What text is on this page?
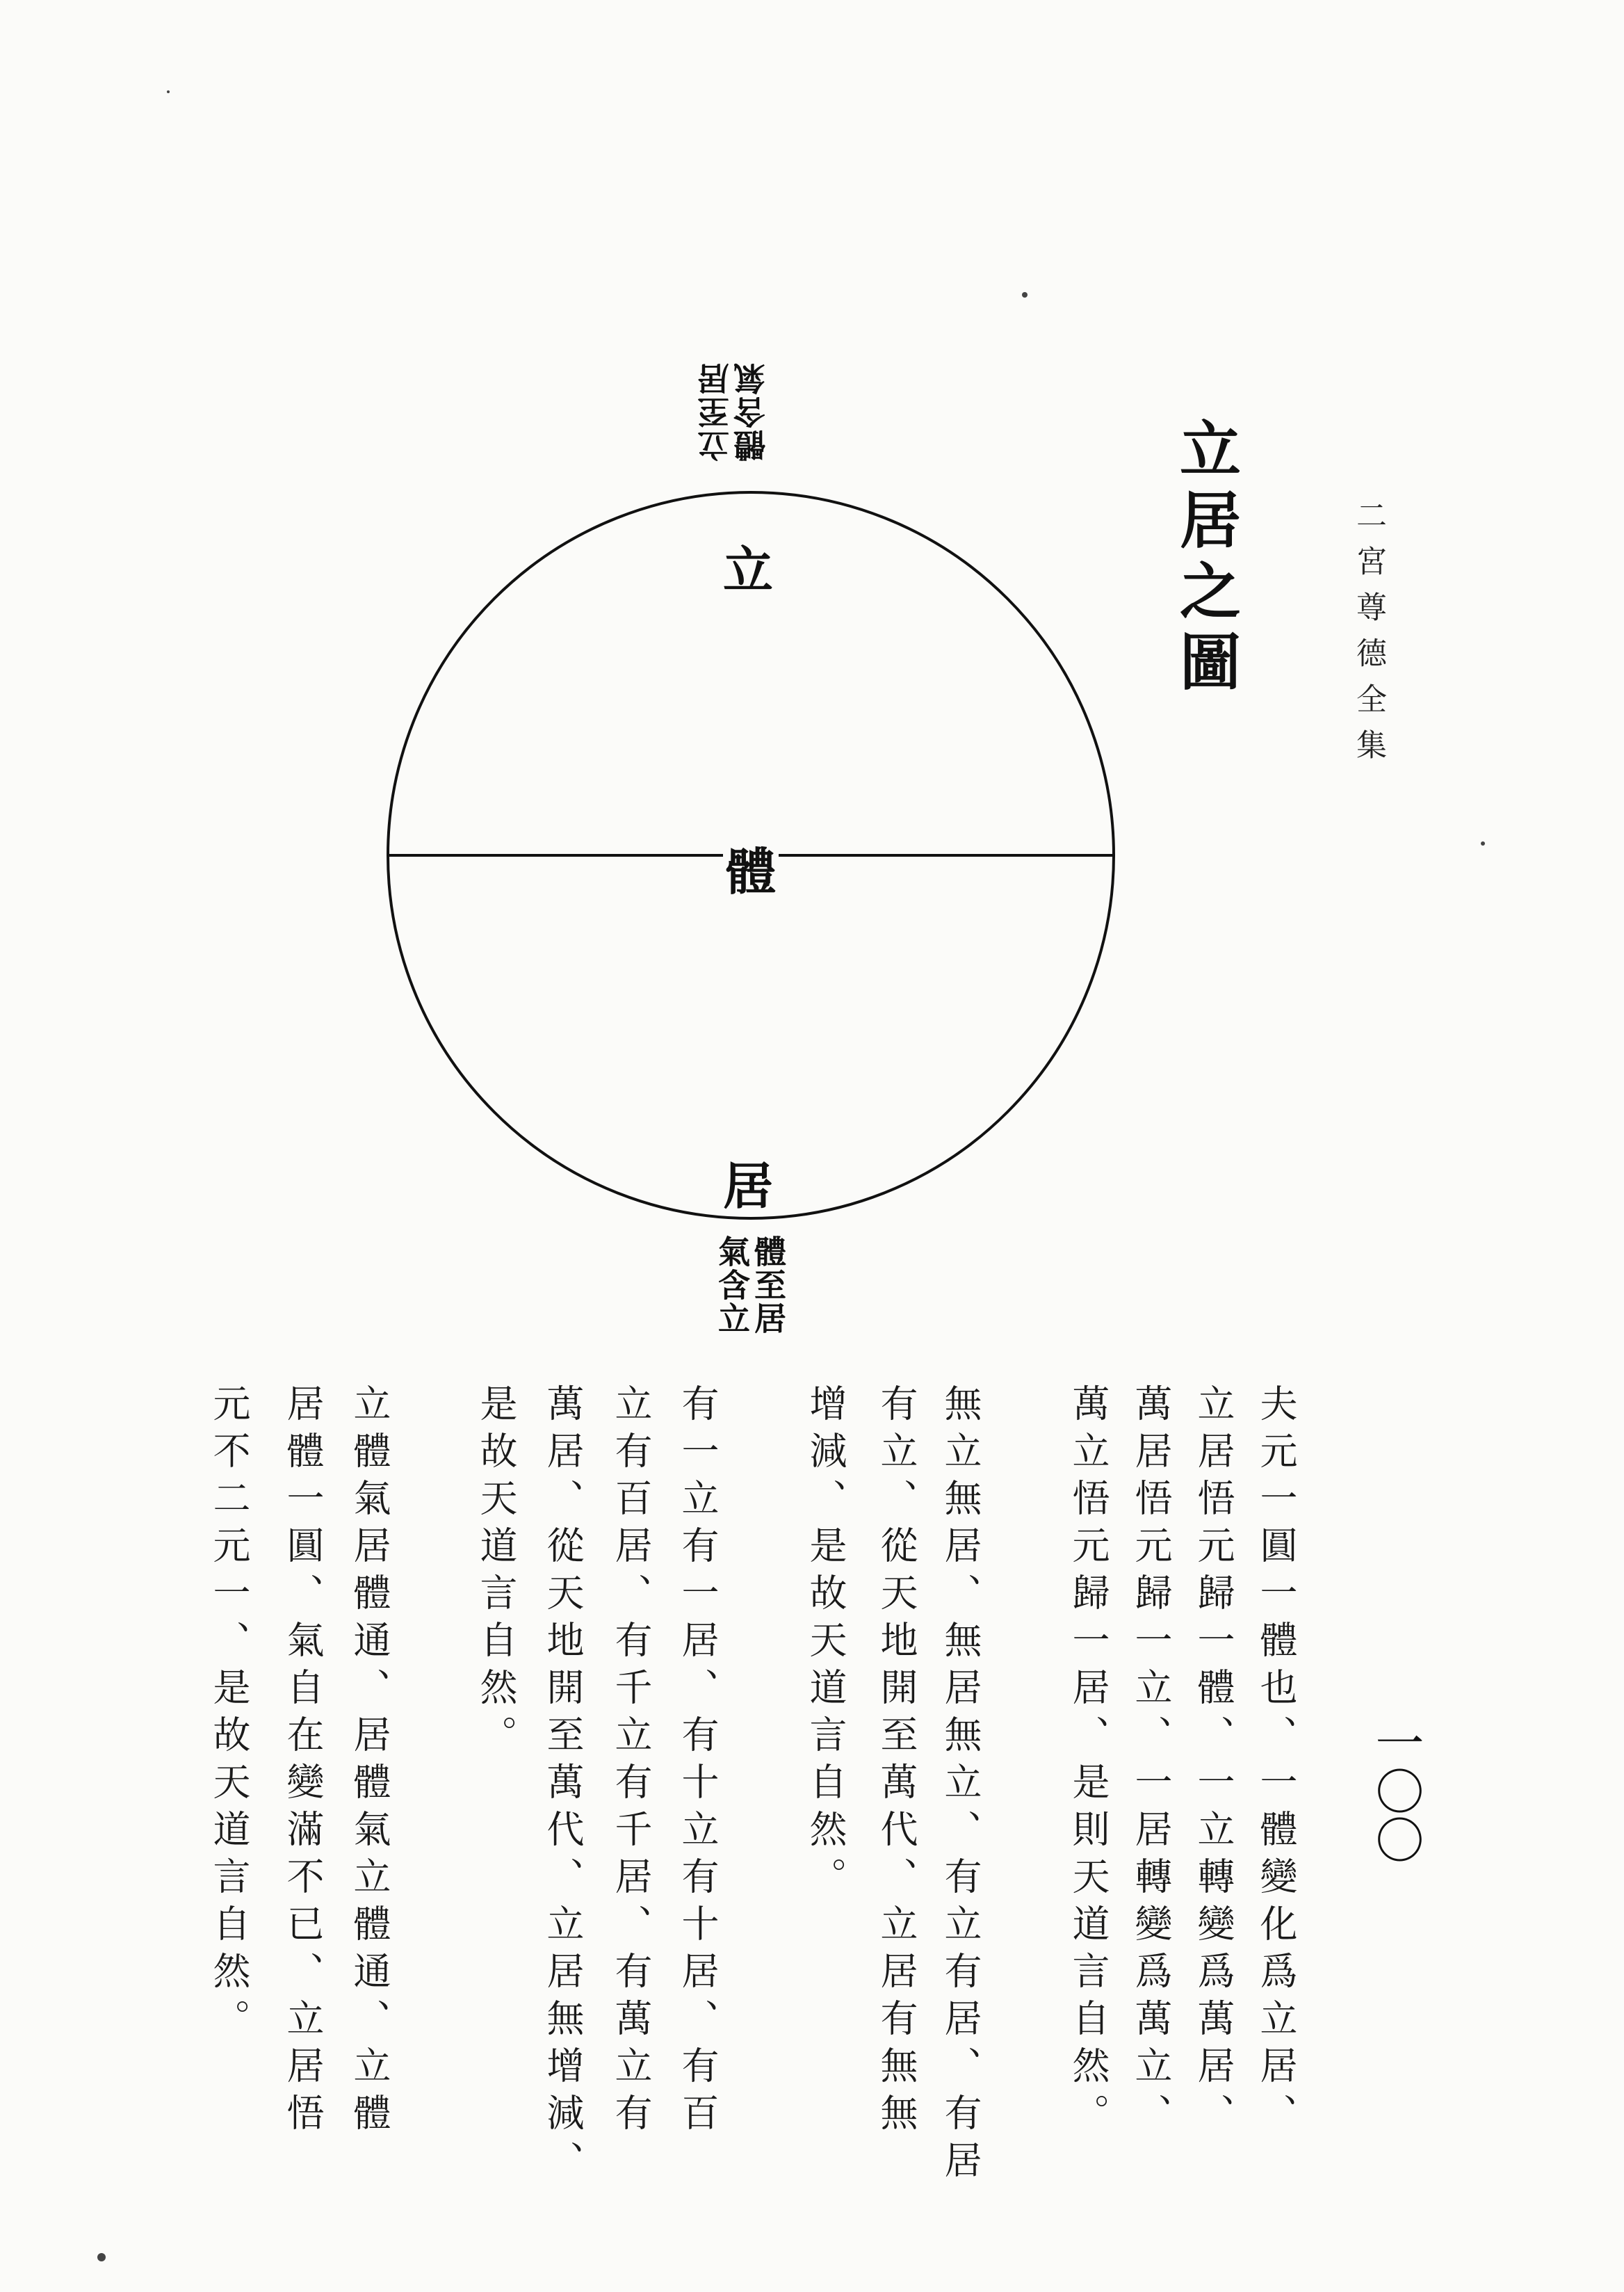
二宮尊德全集
一〇〇
立居之圖
立
體
居
立至居
體含氣
體至居
氣含立
夫元一圓一體也、一體變化爲立居、
立居悟元歸一體、一立轉變爲萬居、
萬居悟元歸一立、一居轉變爲萬立、
萬立悟元歸一居、是則天道言自然。
無立無居、無居無立、有立有居、有居
有立、從天地開至萬代、立居有無無
增減、是故天道言自然。
有一立有一居、有十立有十居、有百
立有百居、有千立有千居、有萬立有
萬居、從天地開至萬代、立居無增減、
是故天道言自然。
立體氣居體通、居體氣立體通、立體
居體一圓、氣自在變滿不已、立居悟
元不二元一、是故天道言自然。
